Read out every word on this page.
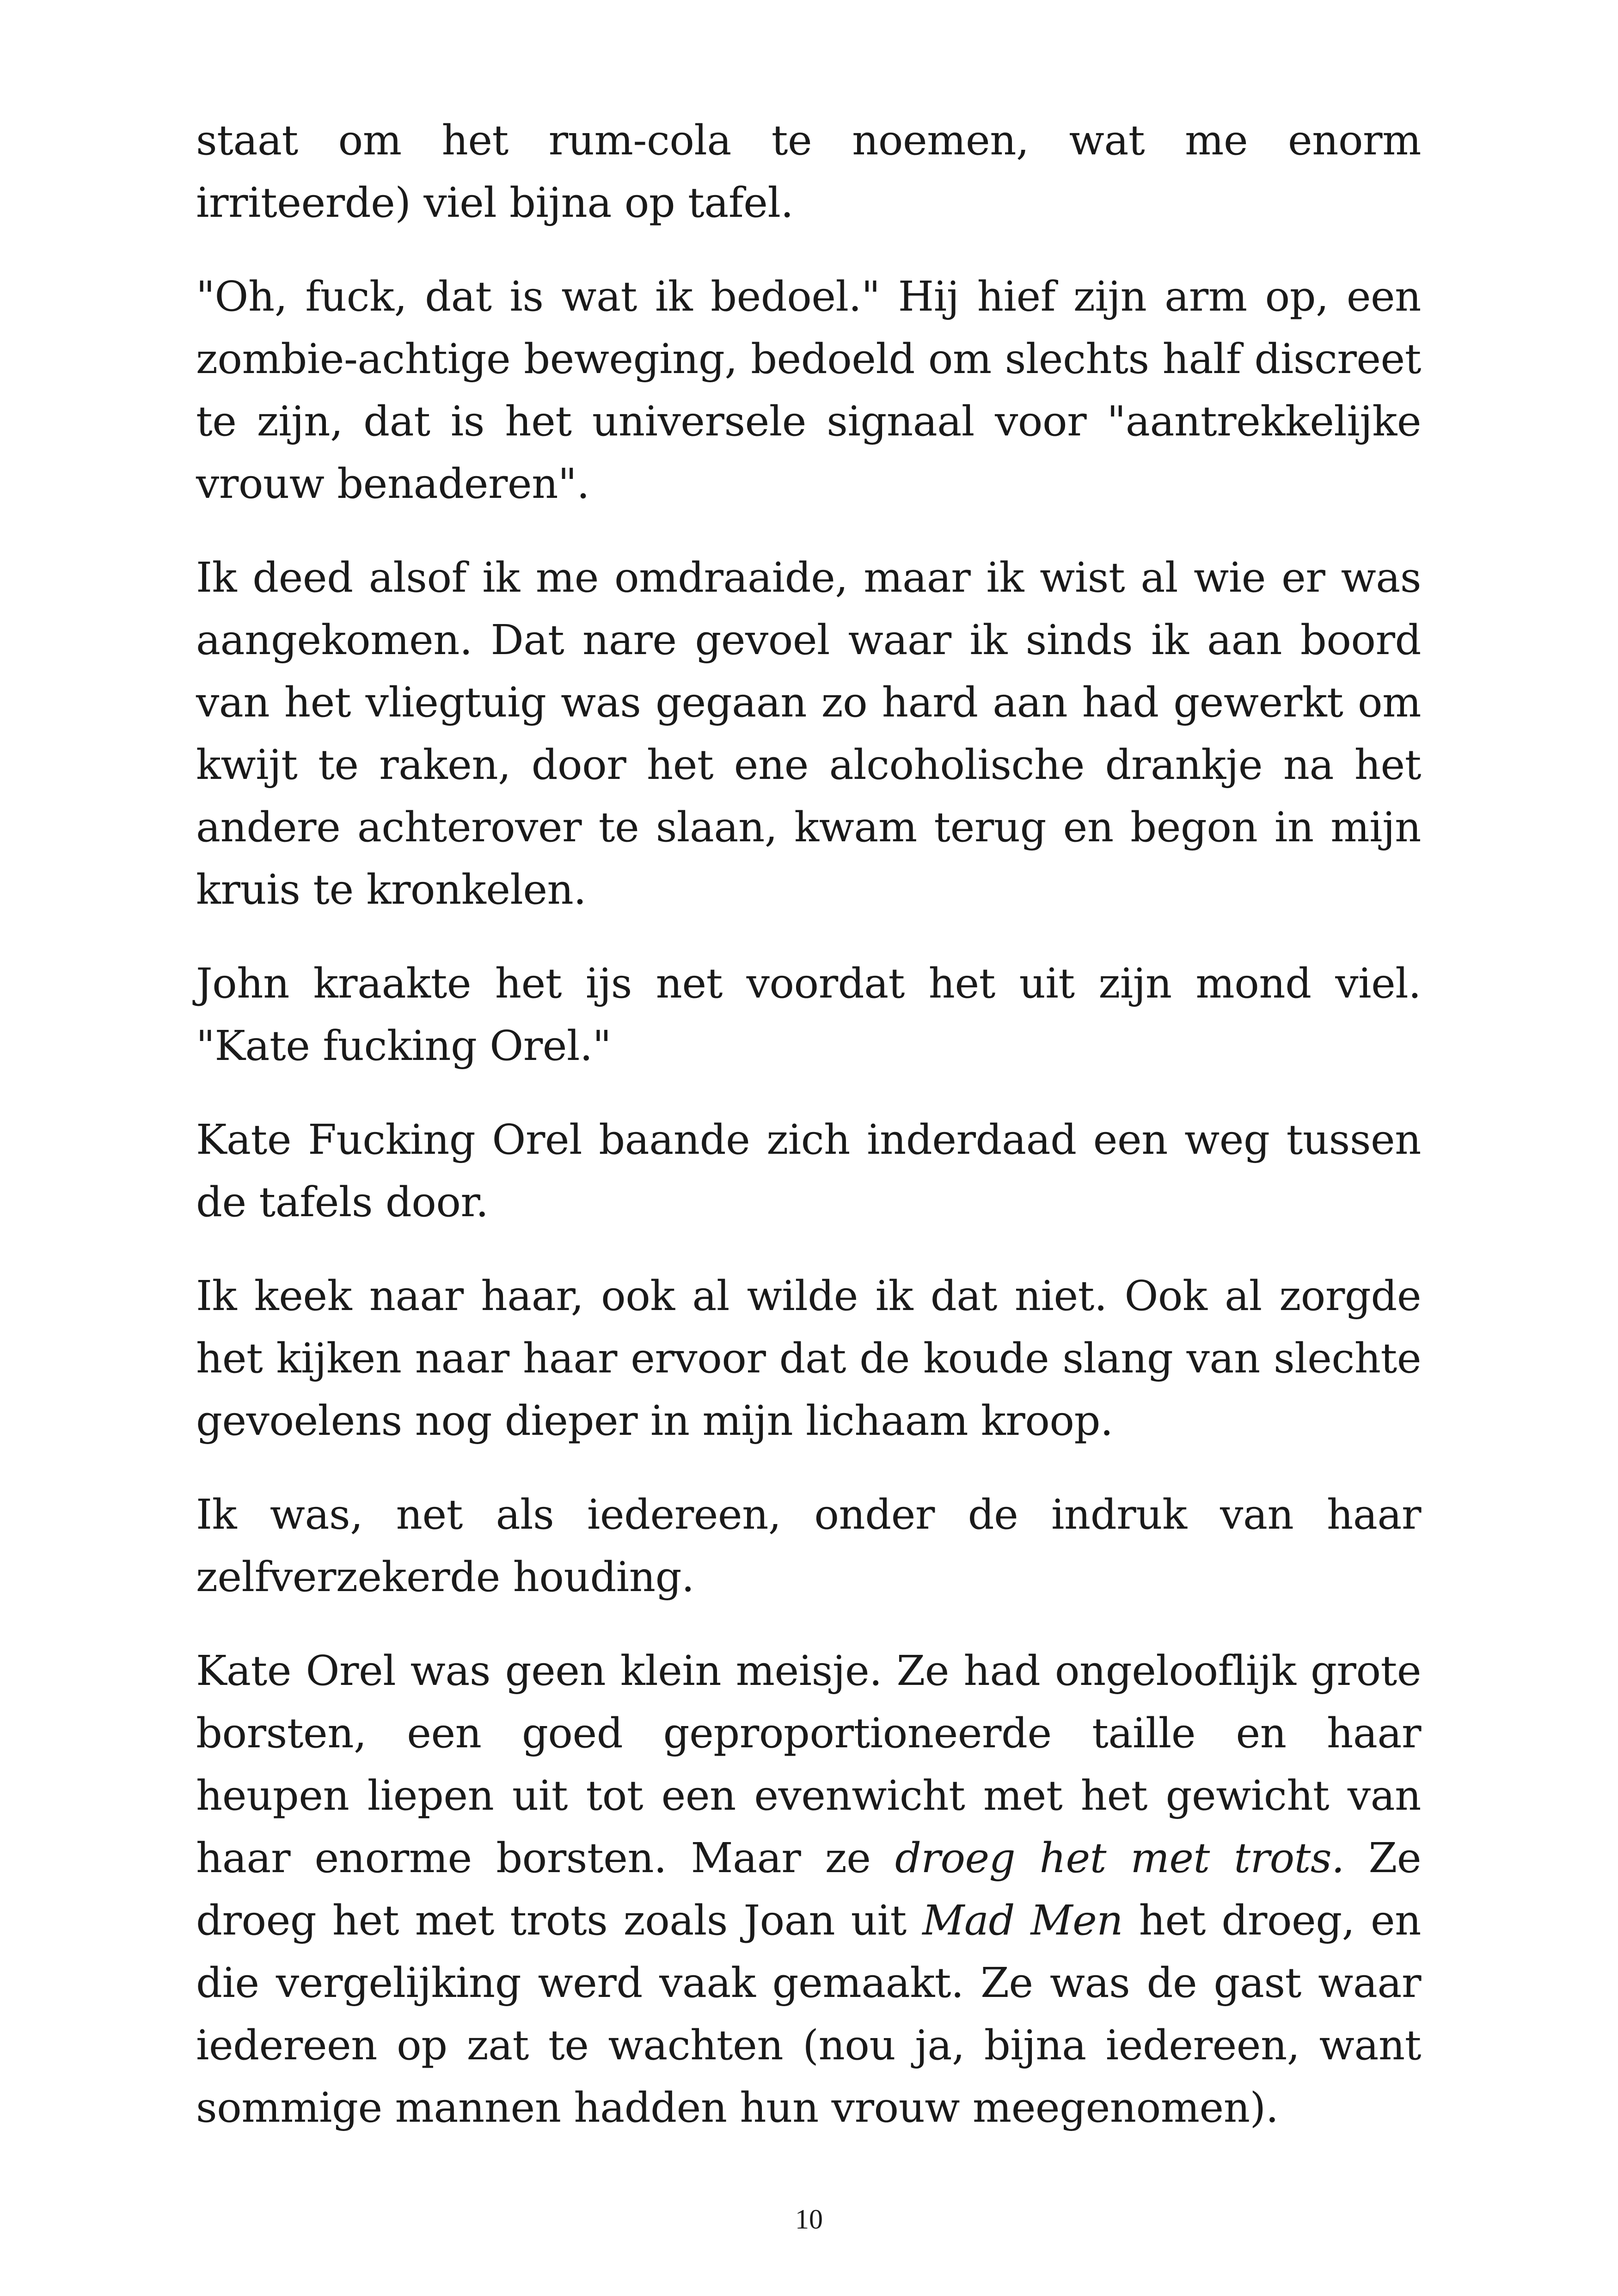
staat om het rum-cola te noemen, wat me enorm irriteerde) viel bijna op tafel.

"Oh, fuck, dat is wat ik bedoel." Hij hief zijn arm op, een zombie-achtige beweging, bedoeld om slechts half discreet te zijn, dat is het universele signaal voor "aantrekkelijke vrouw benaderen".

Ik deed alsof ik me omdraaide, maar ik wist al wie er was aangekomen. Dat nare gevoel waar ik sinds ik aan boord van het vliegtuig was gegaan zo hard aan had gewerkt om kwijt te raken, door het ene alcoholische drankje na het andere achterover te slaan, kwam terug en begon in mijn kruis te kronkelen.

John kraakte het ijs net voordat het uit zijn mond viel. "Kate fucking Orel."

Kate Fucking Orel baande zich inderdaad een weg tussen de tafels door.

Ik keek naar haar, ook al wilde ik dat niet. Ook al zorgde het kijken naar haar ervoor dat de koude slang van slechte gevoelens nog dieper in mijn lichaam kroop.

Ik was, net als iedereen, onder de indruk van haar zelfverzekerde houding.

Kate Orel was geen klein meisje. Ze had ongelooflijk grote borsten, een goed geproportioneerde taille en haar heupen liepen uit tot een evenwicht met het gewicht van haar enorme borsten. Maar ze droeg het met trots. Ze droeg het met trots zoals Joan uit Mad Men het droeg, en die vergelijking werd vaak gemaakt. Ze was de gast waar iedereen op zat te wachten (nou ja, bijna iedereen, want sommige mannen hadden hun vrouw meegenomen).

10
